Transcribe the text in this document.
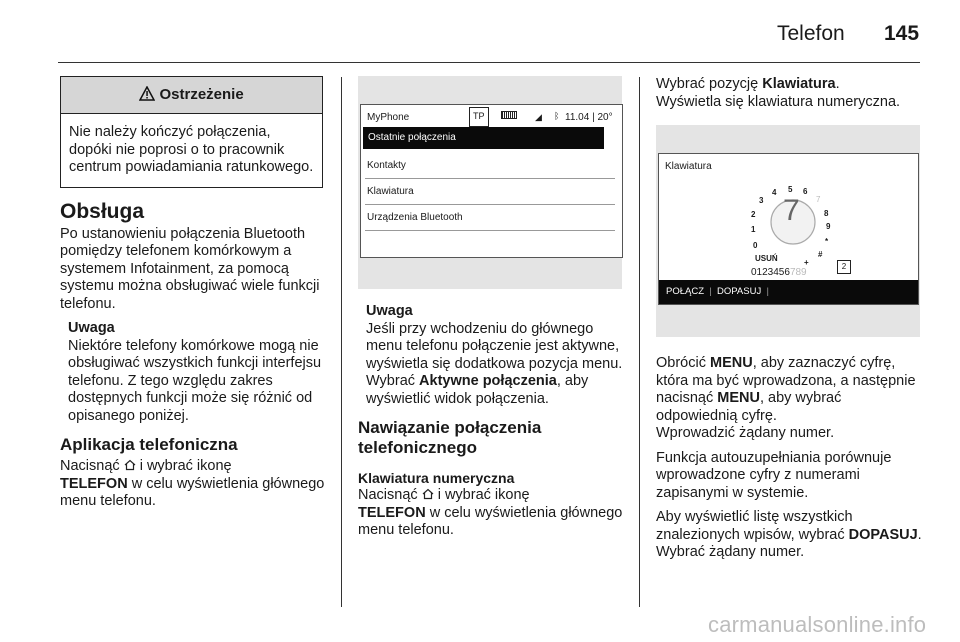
Telefon 145
Ostrzeżenie
Nie należy kończyć połączenia, dopóki nie poprosi o to pracownik centrum powiadamiania ratunkowego.
Obsługa

Po ustanowieniu połączenia Bluetooth pomiędzy telefonem komórkowym a systemem Infotainment, za pomocą systemu można obsługiwać wiele funkcji telefonu.

Uwaga
Niektóre telefony komórkowe mogą nie obsługiwać wszystkich funkcji interfejsu telefonu. Z tego względu zakres dostępnych funkcji może się różnić od opisanego poniżej.
Aplikacja telefoniczna

Nacisnąć i wybrać ikonę
TELEFON w celu wyświetlenia głównego menu telefonu.

MyPhone	TP	◢ ᛒ 11.04 | 20°
Ostatnie połączenia
Kontakty
Klawiatura
Urządzenia Bluetooth
Uwaga
Jeśli przy wchodzeniu do głównego menu telefonu połączenie jest aktywne, wyświetla się dodatkowa pozycja menu. Wybrać Aktywne połączenia, aby wyświetlić widok połączenia.
Nawiązanie połączenia telefonicznego
Klawiatura numeryczna

Nacisnąć i wybrać ikonę
TELEFON w celu wyświetlenia głównego menu telefonu.

Wybrać pozycję Klawiatura.
Wyświetla się klawiatura numeryczna.

Klawiatura
7
0
1
2
3
4 5 6
7
8
9
*
+
#
USUŃ
0123456789
2
POŁĄCZ  |  DOPASUJ  |

Obrócić MENU, aby zaznaczyć cyfrę, która ma być wprowadzona, a następnie nacisnąć MENU, aby wybrać odpowiednią cyfrę.
Wprowadzić żądany numer.

Funkcja autouzupełniania porównuje wprowadzone cyfry z numerami zapisanymi w systemie.

Aby wyświetlić listę wszystkich znalezionych wpisów, wybrać DOPASUJ. Wybrać żądany numer.

carmanualsonline.info
